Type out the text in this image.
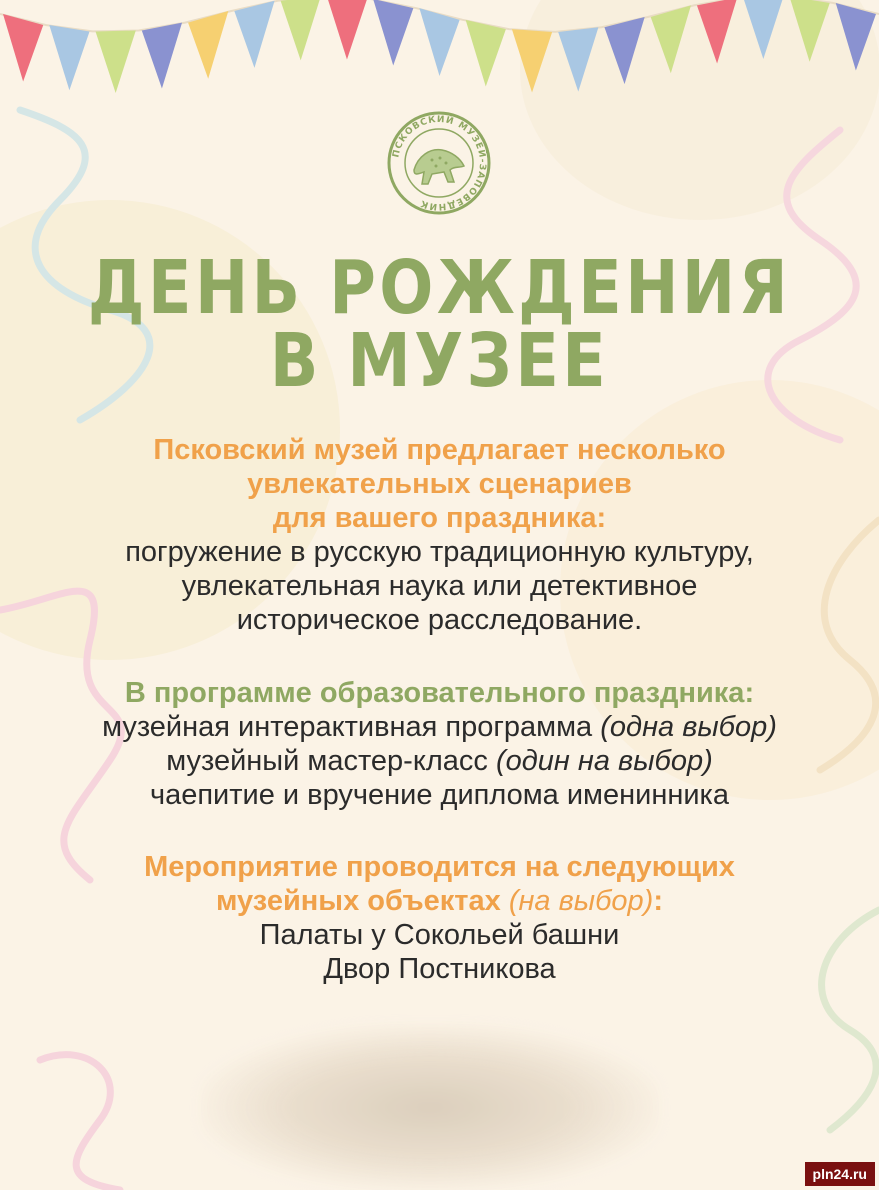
ПСКОВСКИЙ МУЗЕЙ-ЗАПОВЕДНИК
ДЕНЬ РОЖДЕНИЯ
В МУЗЕЕ
Псковский музей предлагает несколько
увлекательных сценариев
для вашего праздника:
погружение в русскую традиционную культуру,
увлекательная наука или детективное
историческое расследование.
В программе образовательного праздника:
музейная интерактивная программа (одна выбор)
музейный мастер-класс (один на выбор)
чаепитие и вручение диплома именинника
Мероприятие проводится на следующих
музейных объектах (на выбор):
Палаты у Сокольей башни
Двор Постникова
pln24.ru
